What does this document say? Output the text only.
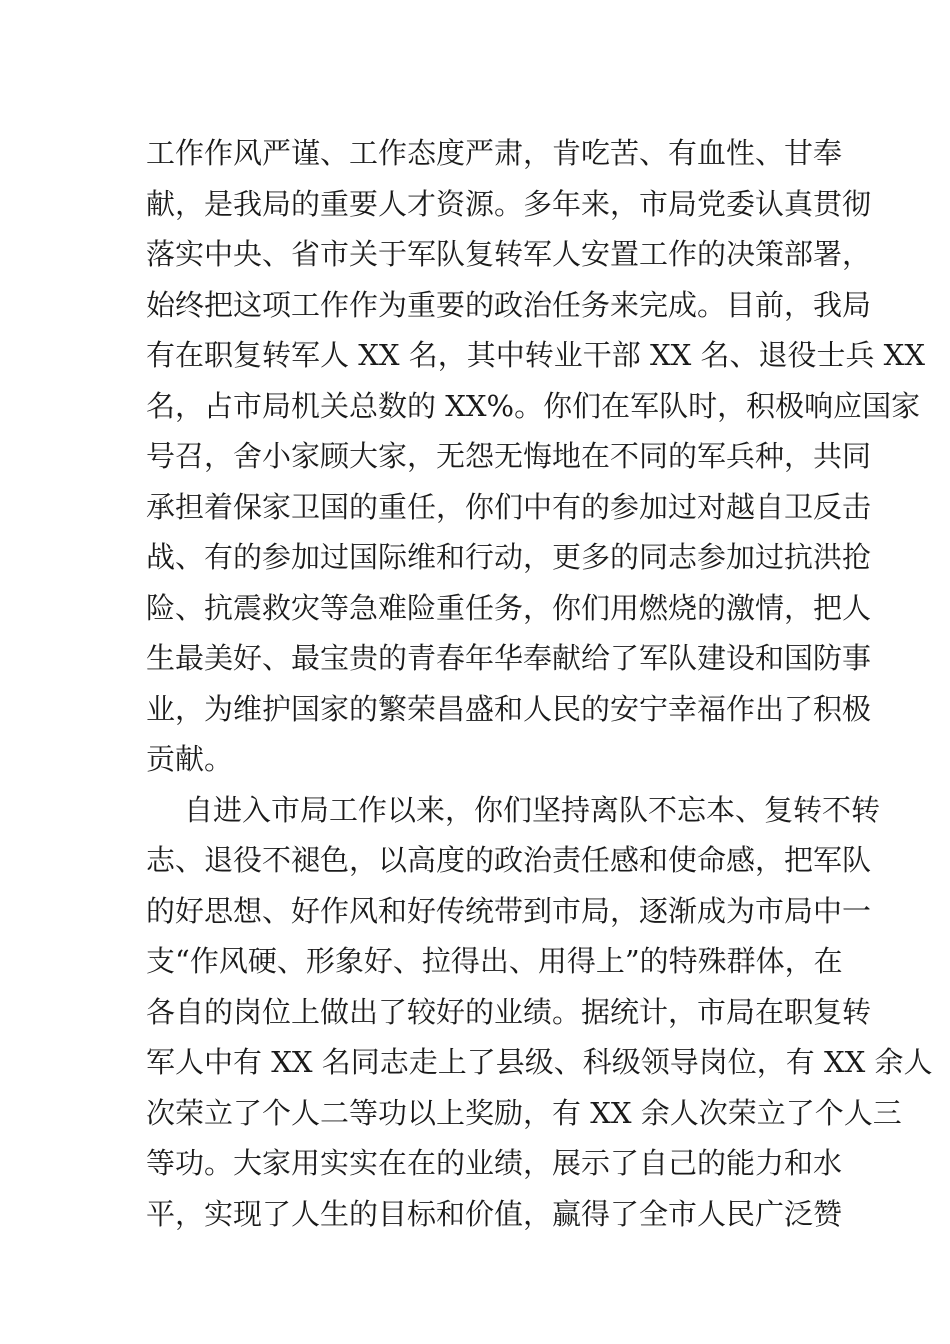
工作作风严谨、工作态度严肃，肯吃苦、有血性、甘奉
献，是我局的重要人才资源。多年来，市局党委认真贯彻
落实中央、省市关于军队复转军人安置工作的决策部署，
始终把这项工作作为重要的政治任务来完成。目前，我局
有在职复转军人 XX 名，其中转业干部 XX 名、退役士兵 XX
名，占市局机关总数的 XX%。你们在军队时，积极响应国家
号召，舍小家顾大家，无怨无悔地在不同的军兵种，共同
承担着保家卫国的重任，你们中有的参加过对越自卫反击
战、有的参加过国际维和行动，更多的同志参加过抗洪抢
险、抗震救灾等急难险重任务，你们用燃烧的激情，把人
生最美好、最宝贵的青春年华奉献给了军队建设和国防事
业，为维护国家的繁荣昌盛和人民的安宁幸福作出了积极
贡献。
自进入市局工作以来，你们坚持离队不忘本、复转不转
志、退役不褪色，以高度的政治责任感和使命感，把军队
的好思想、好作风和好传统带到市局，逐渐成为市局中一
支“作风硬、形象好、拉得出、用得上”的特殊群体，在
各自的岗位上做出了较好的业绩。据统计，市局在职复转
军人中有 XX 名同志走上了县级、科级领导岗位，有 XX 余人
次荣立了个人二等功以上奖励，有 XX 余人次荣立了个人三
等功。大家用实实在在的业绩，展示了自己的能力和水
平，实现了人生的目标和价值，赢得了全市人民广泛赞
